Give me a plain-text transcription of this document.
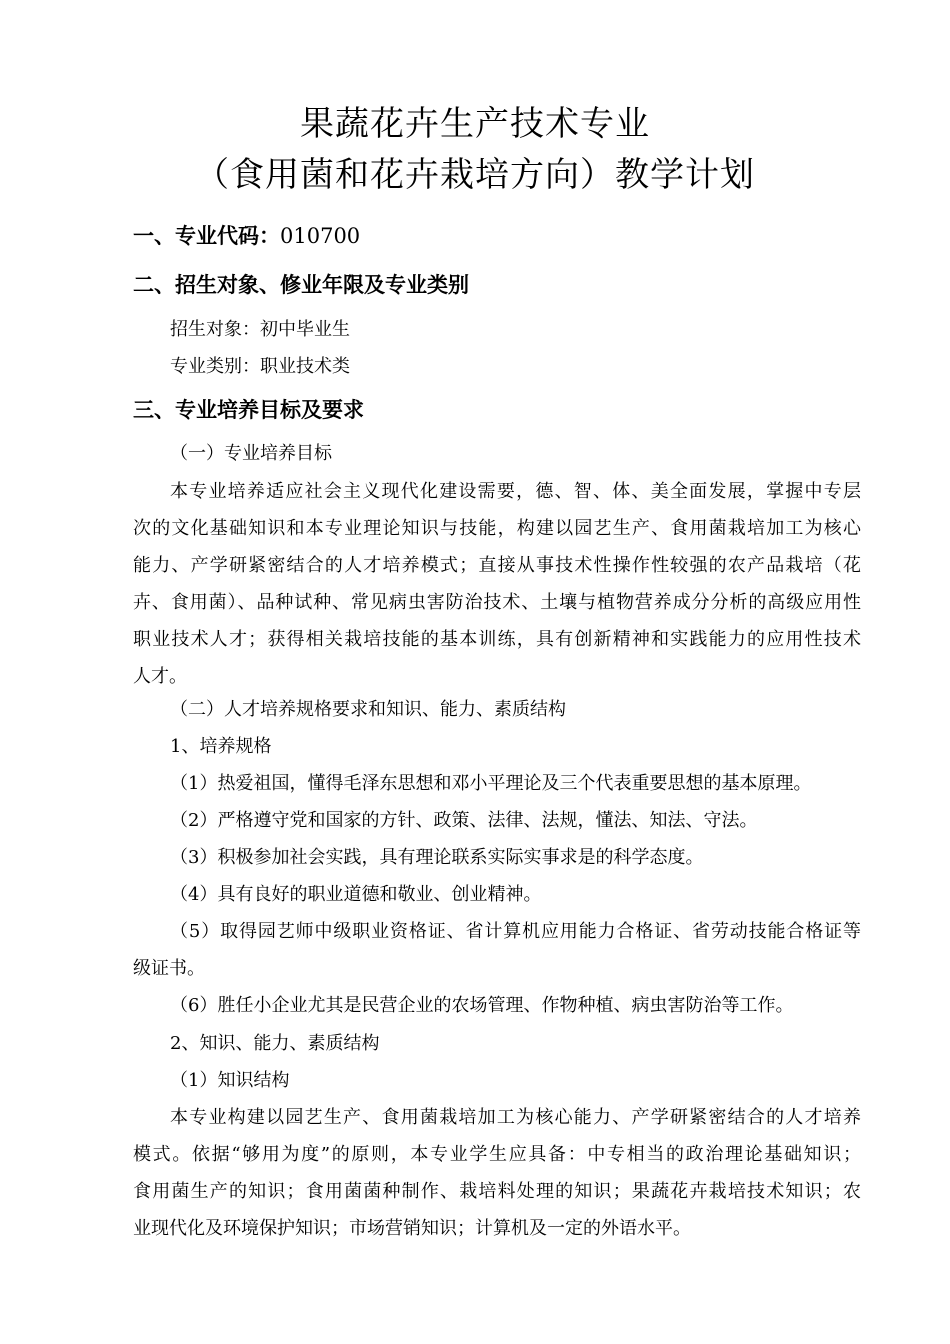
果蔬花卉生产技术专业
（食用菌和花卉栽培方向）教学计划
一、专业代码：010700
二、招生对象、修业年限及专业类别
招生对象：初中毕业生
专业类别：职业技术类
三、专业培养目标及要求
（一）专业培养目标
本专业培养适应社会主义现代化建设需要，德、智、体、美全面发展，掌握中专层
次的文化基础知识和本专业理论知识与技能，构建以园艺生产、食用菌栽培加工为核心
能力、产学研紧密结合的人才培养模式；直接从事技术性操作性较强的农产品栽培（花
卉、食用菌）、品种试种、常见病虫害防治技术、土壤与植物营养成分分析的高级应用性
职业技术人才；获得相关栽培技能的基本训练，具有创新精神和实践能力的应用性技术
人才。
（二）人才培养规格要求和知识、能力、素质结构
1、培养规格
（1）热爱祖国，懂得毛泽东思想和邓小平理论及三个代表重要思想的基本原理。
（2）严格遵守党和国家的方针、政策、法律、法规，懂法、知法、守法。
（3）积极参加社会实践，具有理论联系实际实事求是的科学态度。
（4）具有良好的职业道德和敬业、创业精神。
（5）取得园艺师中级职业资格证、省计算机应用能力合格证、省劳动技能合格证等
级证书。
（6）胜任小企业尤其是民营企业的农场管理、作物种植、病虫害防治等工作。
2、知识、能力、素质结构
（1）知识结构
本专业构建以园艺生产、食用菌栽培加工为核心能力、产学研紧密结合的人才培养
模式。依据“够用为度”的原则，本专业学生应具备：中专相当的政治理论基础知识；
食用菌生产的知识；食用菌菌种制作、栽培料处理的知识；果蔬花卉栽培技术知识；农
业现代化及环境保护知识；市场营销知识；计算机及一定的外语水平。
